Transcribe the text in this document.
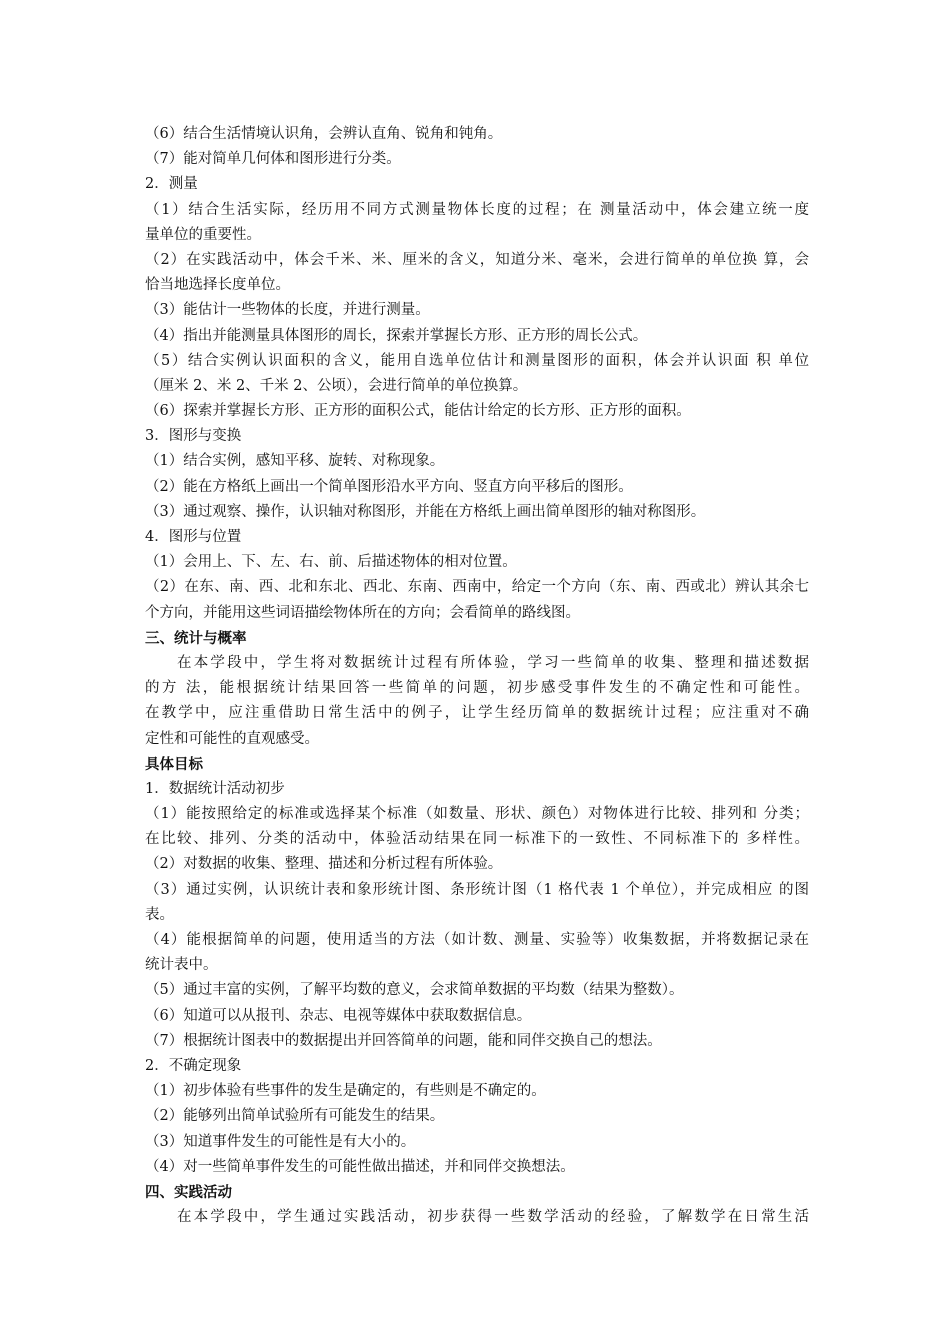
（6）结合生活情境认识角，会辨认直角、锐角和钝角。
（7）能对简单几何体和图形进行分类。
2．测量
（1）结合生活实际，经历用不同方式测量物体长度的过程；在 测量活动中，体会建立统一度
量单位的重要性。
（2）在实践活动中，体会千米、米、厘米的含义，知道分米、毫米，会进行简单的单位换 算，会
恰当地选择长度单位。
（3）能估计一些物体的长度，并进行测量。
（4）指出并能测量具体图形的周长，探索并掌握长方形、正方形的周长公式。
（5）结合实例认识面积的含义，能用自选单位估计和测量图形的面积，体会并认识面 积 单位
（厘米 2、米 2、千米 2、公顷），会进行简单的单位换算。
（6）探索并掌握长方形、正方形的面积公式，能估计给定的长方形、正方形的面积。
3．图形与变换
（1）结合实例，感知平移、旋转、对称现象。
（2）能在方格纸上画出一个简单图形沿水平方向、竖直方向平移后的图形。
（3）通过观察、操作，认识轴对称图形，并能在方格纸上画出简单图形的轴对称图形。
4．图形与位置
（1）会用上、下、左、右、前、后描述物体的相对位置。
（2）在东、南、西、北和东北、西北、东南、西南中，给定一个方向（东、南、西或北）辨认其余七
个方向，并能用这些词语描绘物体所在的方向；会看简单的路线图。
三、统计与概率
在本学段中，学生将对数据统计过程有所体验，学习一些简单的收集、整理和描述数据
的方 法，能根据统计结果回答一些简单的问题，初步感受事件发生的不确定性和可能性。
在教学中，应注重借助日常生活中的例子，让学生经历简单的数据统计过程；应注重对不确
定性和可能性的直观感受。
具体目标
1．数据统计活动初步
（1）能按照给定的标准或选择某个标准（如数量、形状、颜色）对物体进行比较、排列和 分类；
在比较、排列、分类的活动中，体验活动结果在同一标准下的一致性、不同标准下的 多样性。
（2）对数据的收集、整理、描述和分析过程有所体验。
（3）通过实例，认识统计表和象形统计图、条形统计图（1 格代表 1 个单位），并完成相应 的图
表。
（4）能根据简单的问题，使用适当的方法（如计数、测量、实验等）收集数据，并将数据记录在
统计表中。
（5）通过丰富的实例，了解平均数的意义，会求简单数据的平均数（结果为整数）。
（6）知道可以从报刊、杂志、电视等媒体中获取数据信息。
（7）根据统计图表中的数据提出并回答简单的问题，能和同伴交换自己的想法。
2．不确定现象
（1）初步体验有些事件的发生是确定的，有些则是不确定的。
（2）能够列出简单试验所有可能发生的结果。
（3）知道事件发生的可能性是有大小的。
（4）对一些简单事件发生的可能性做出描述，并和同伴交换想法。
四、实践活动
在本学段中，学生通过实践活动，初步获得一些数学活动的经验，了解数学在日常生活
